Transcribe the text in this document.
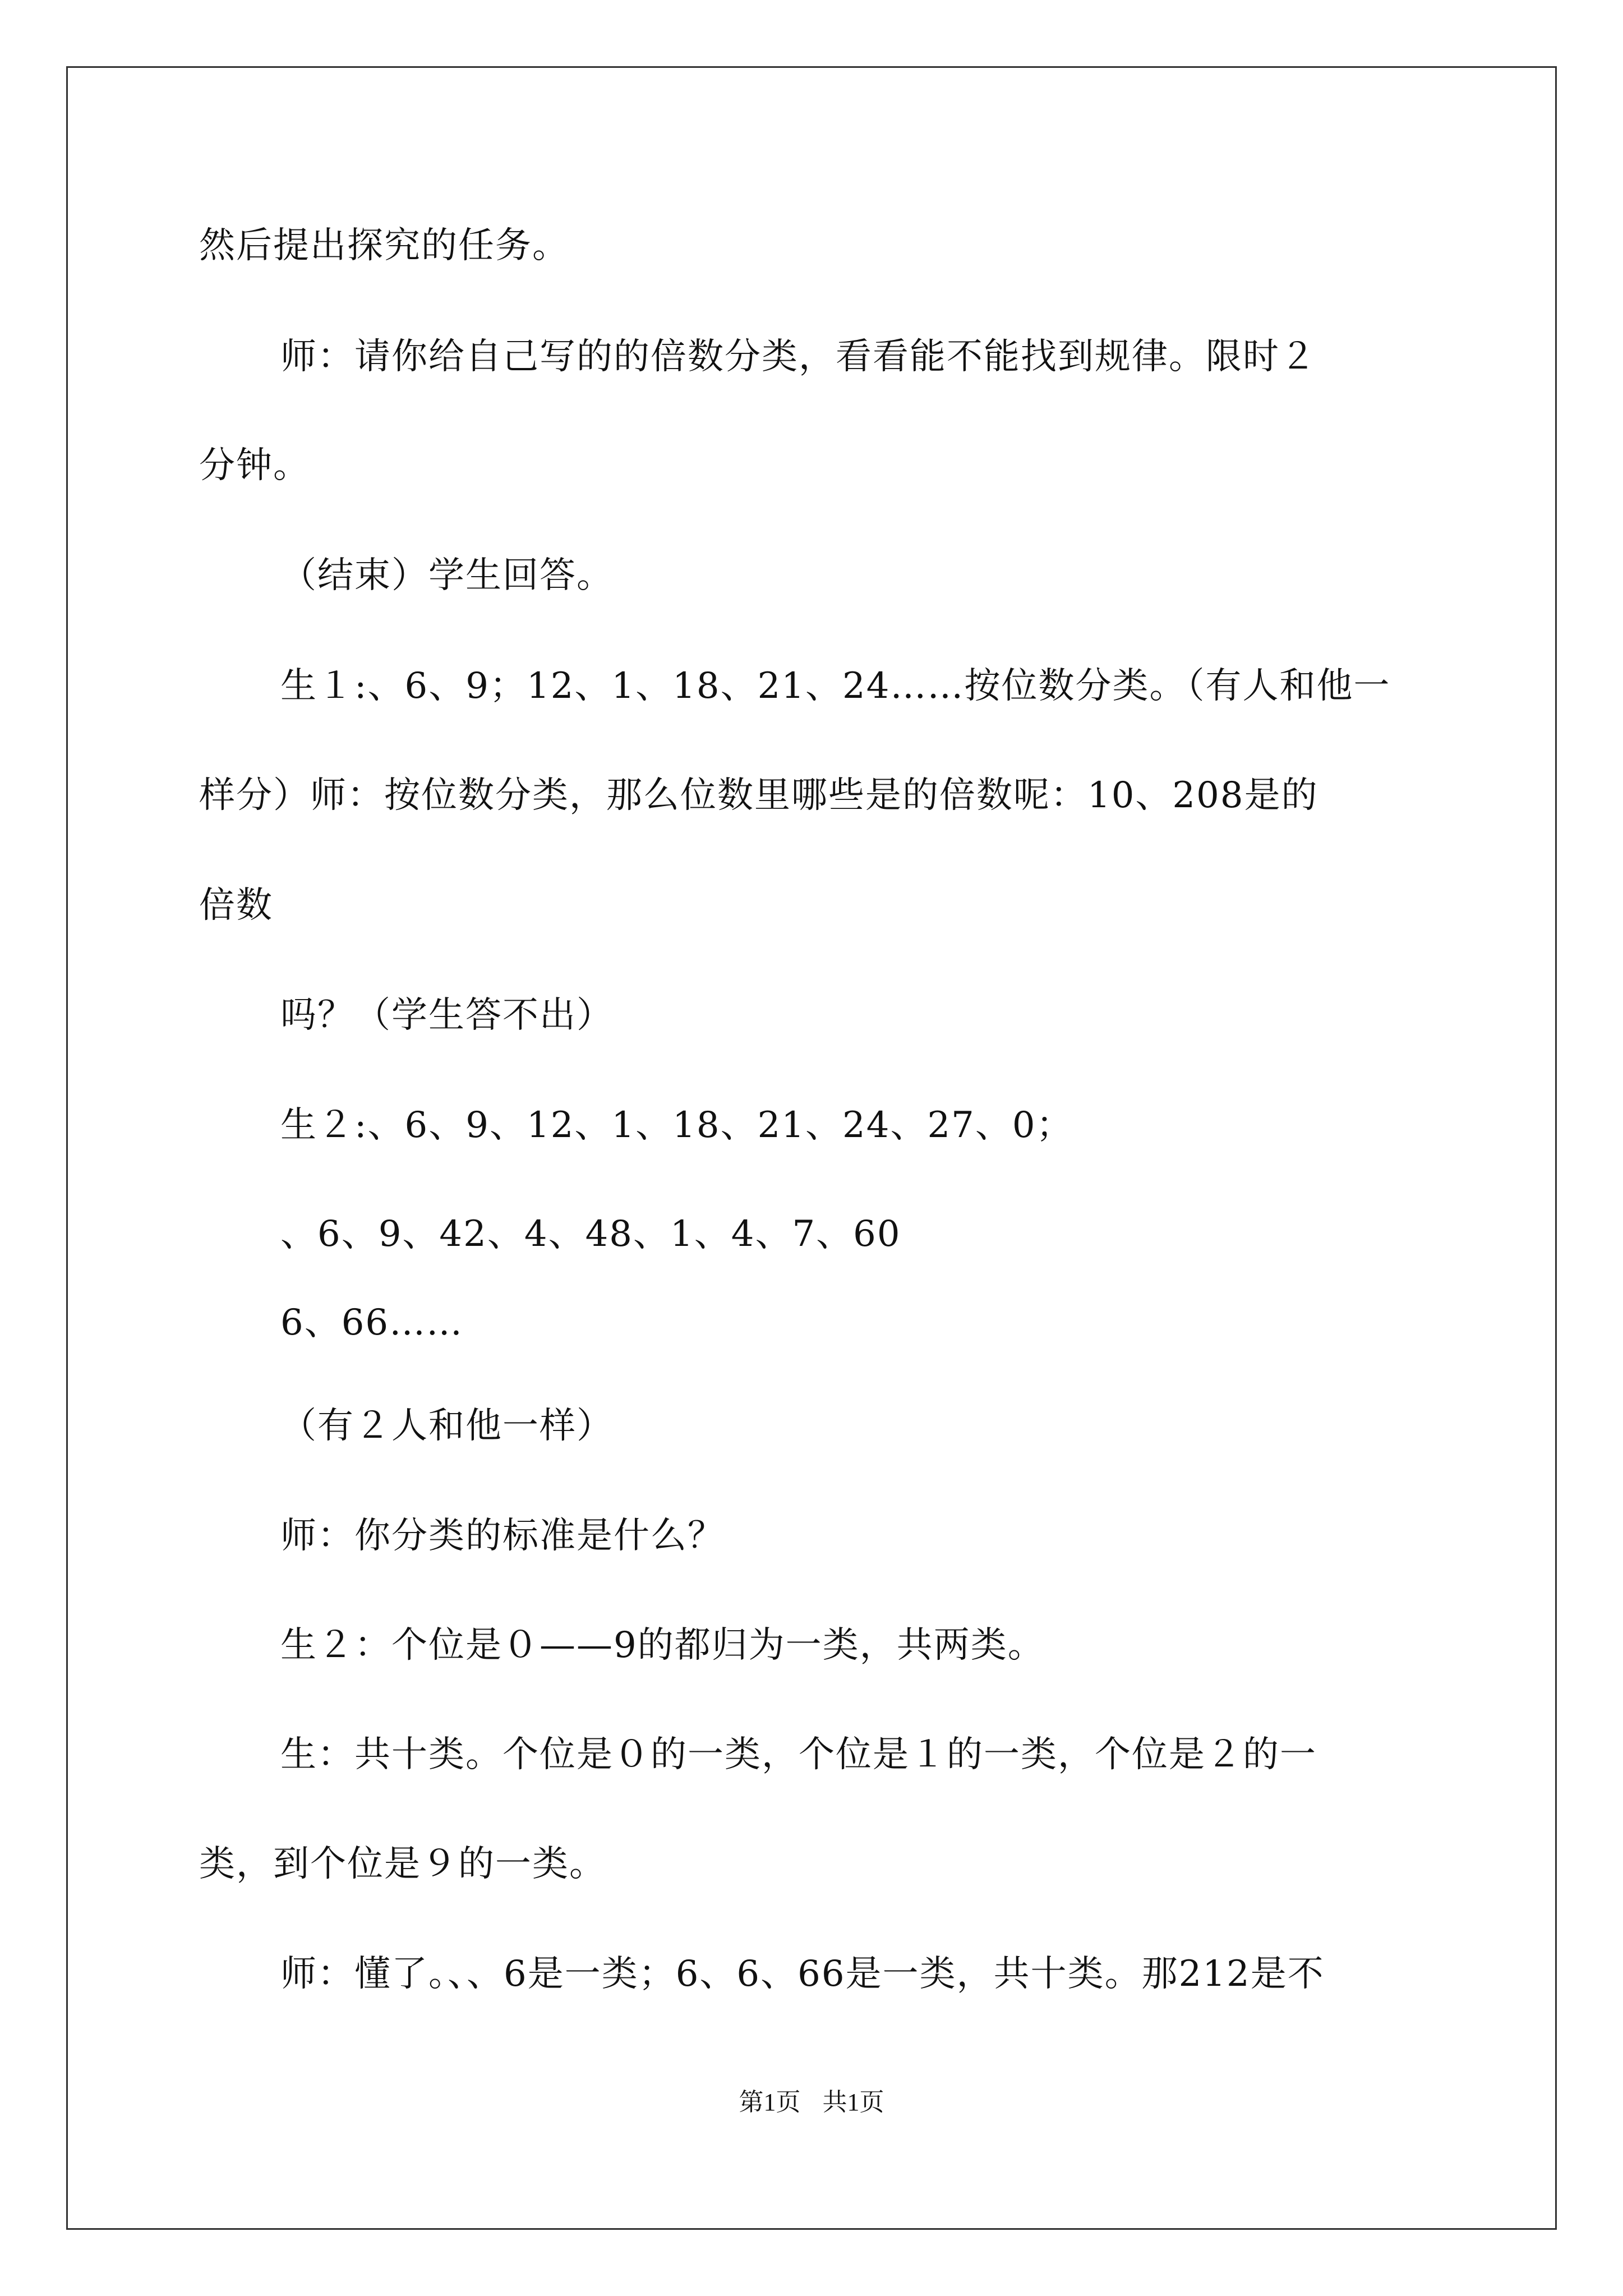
然后提出探究的任务。
师：请你给自己写的的倍数分类，看看能不能找到规律。限时２
分钟。
（结束）学生回答。
生１:、6、9；12、1、18、21、24……按位数分类。（有人和他一
样分）师：按位数分类，那么位数里哪些是的倍数呢：10、208是的
倍数
吗？（学生答不出）
生２:、6、9、12、1、18、21、24、27、0；
、6、9、42、4、48、1、4、7、60
6、66……
（有２人和他一样）
师：你分类的标准是什么？
生２：个位是０——9的都归为一类，共两类。
生：共十类。个位是０的一类，个位是１的一类，个位是２的一
类，到个位是９的一类。
师：懂了。、、6是一类；6、6、66是一类，共十类。那212是不
第1页 共1页
